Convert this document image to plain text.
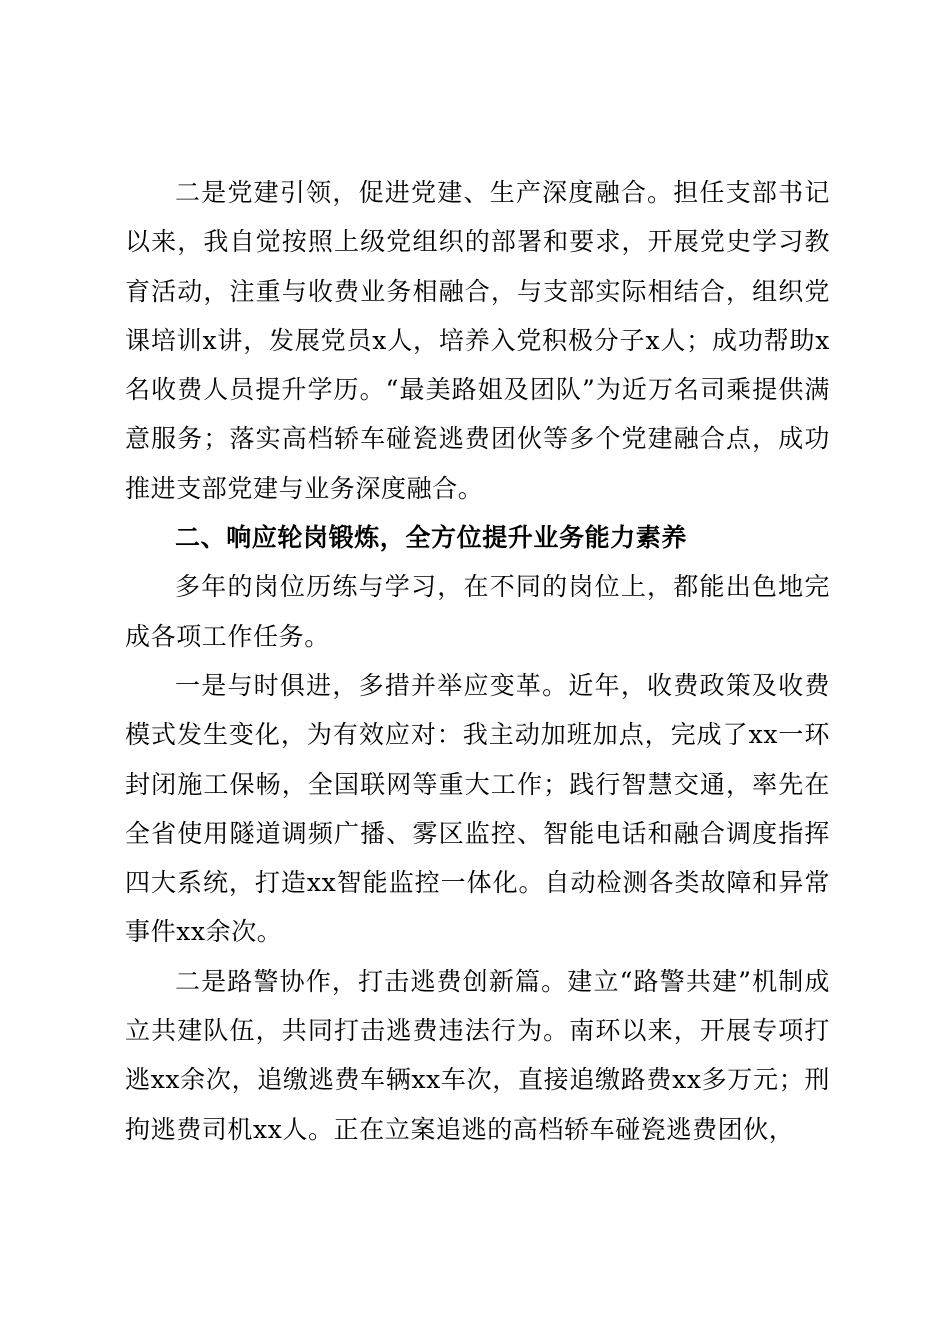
二是党建引领，促进党建、生产深度融合。担任支部书记以来，我自觉按照上级党组织的部署和要求，开展党史学习教育活动，注重与收费业务相融合，与支部实际相结合，组织党课培训x讲，发展党员x人，培养入党积极分子x人；成功帮助x名收费人员提升学历。“最美路姐及团队”为近万名司乘提供满意服务；落实高档轿车碰瓷逃费团伙等多个党建融合点，成功推进支部党建与业务深度融合。

二、响应轮岗锻炼，全方位提升业务能力素养

多年的岗位历练与学习，在不同的岗位上，都能出色地完成各项工作任务。

一是与时俱进，多措并举应变革。近年，收费政策及收费模式发生变化，为有效应对：我主动加班加点，完成了xx一环封闭施工保畅，全国联网等重大工作；践行智慧交通，率先在全省使用隧道调频广播、雾区监控、智能电话和融合调度指挥四大系统，打造xx智能监控一体化。自动检测各类故障和异常事件xx余次。

二是路警协作，打击逃费创新篇。建立“路警共建”机制成立共建队伍，共同打击逃费违法行为。南环以来，开展专项打逃xx余次，追缴逃费车辆xx车次，直接追缴路费xx多万元；刑拘逃费司机xx人。正在立案追逃的高档轿车碰瓷逃费团伙，
